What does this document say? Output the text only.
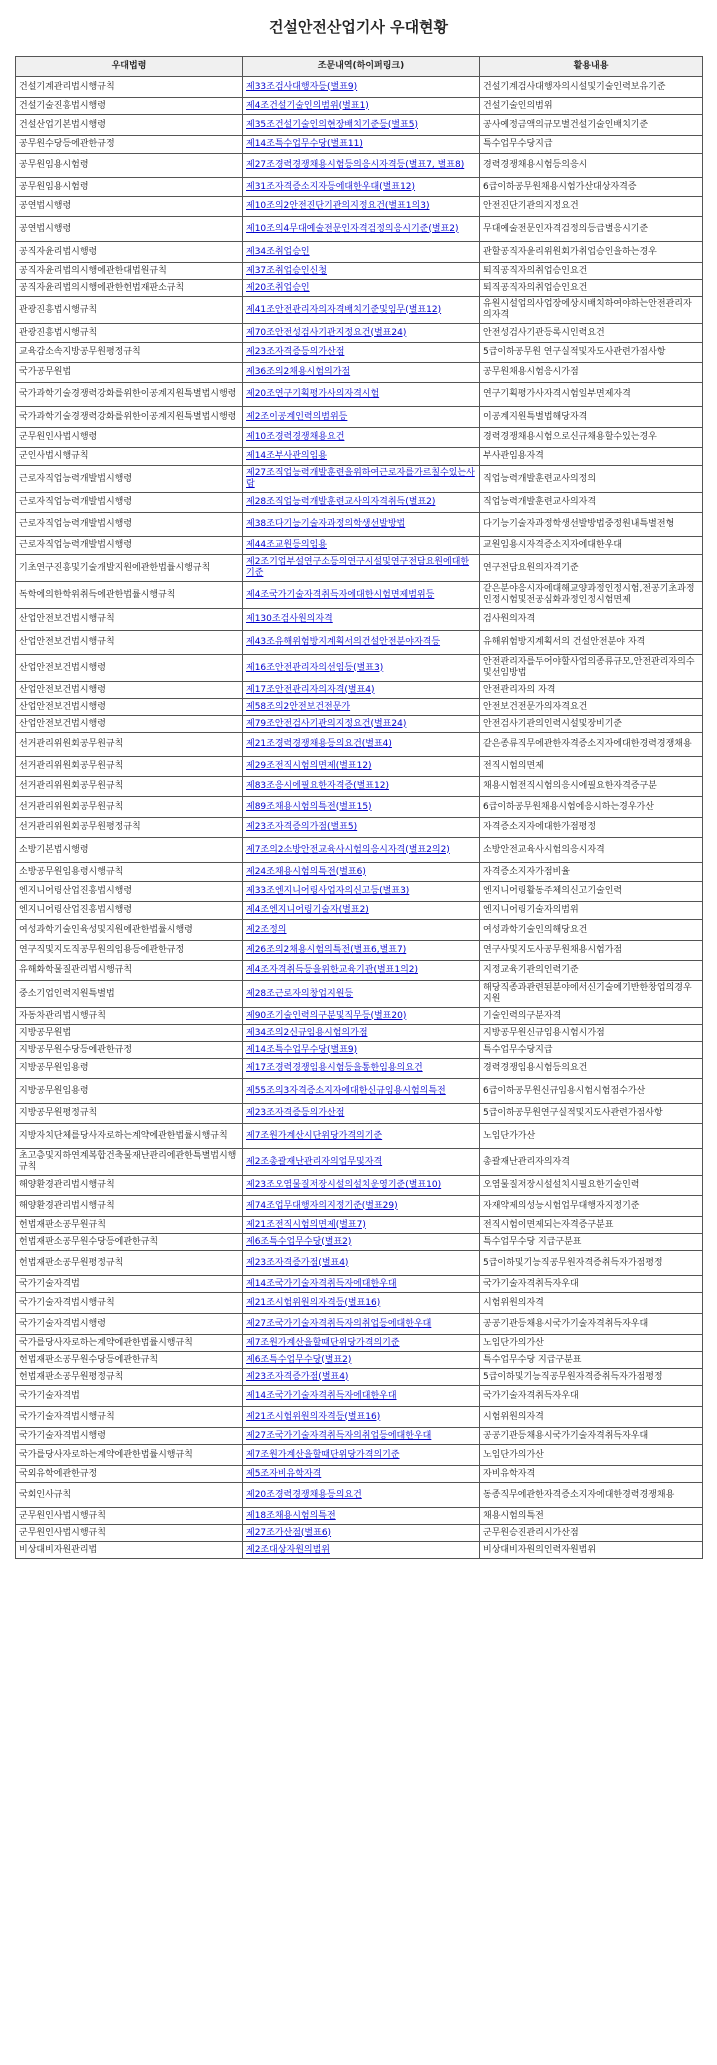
건설안전산업기사 우대현황
우대법령	조문내역(하이퍼링크)	활용내용
건설기계관리법시행규칙	제33조검사대행자등(별표9)	건설기계검사대행자의시설및기술인력보유기준
건설기술진흥법시행령	제4조건설기술인의범위(별표1)	건설기술인의범위
건설산업기본법시행령	제35조건설기술인의현장배치기준등(별표5)	공사예정금액의규모별건설기술인배치기준
공무원수당등에관한규정	제14조특수업무수당(별표11)	특수업무수당지급
공무원임용시험령	제27조경력경쟁채용시험등의응시자격등(별표7, 별표8)	경력경쟁채용시험등의응시
공무원임용시험령	제31조자격증소지자등에대한우대(별표12)	6급이하공무원채용시험가산대상자격증
공연법시행령	제10조의2안전진단기관의지정요건(별표1의3)	안전진단기관의지정요건
공연법시행령	제10조의4무대예술전문인자격검정의응시기준(별표2)	무대예술전문인자격검정의등급별응시기준
공직자윤리법시행령	제34조취업승인	관할공직자윤리위원회가취업승인을하는경우
공직자윤리법의시행에관한대법원규칙	제37조취업승인신청	퇴직공직자의취업승인요건
공직자윤리법의시행에관한헌법재판소규칙	제20조취업승인	퇴직공직자의취업승인요건
관광진흥법시행규칙	제41조안전관리자의자격배치기준및임무(별표12)	유원시설업의사업장에상시배치하여야하는안전관리자의자격
관광진흥법시행규칙	제70조안전성검사기관지정요건(별표24)	안전성검사기관등록시인력요건
교육감소속지방공무원평정규칙	제23조자격증등의가산점	5급이하공무원 연구실적및자도사관련가점사항
국가공무원법	제36조의2채용시험의가점	공무원채용시험응시가점
국가과학기술경쟁력강화를위한이공계지원특별법시행령	제20조연구기획평가사의자격시험	연구기획평가사자격시험일부면제자격
국가과학기술경쟁력강화를위한이공계지원특별법시행령	제2조이공계인력의범위등	이공계지원특별법해당자격
군무원인사법시행령	제10조경력경쟁채용요건	경력경쟁채용시험으로신규채용할수있는경우
군인사법시행규칙	제14조부사관의임용	부사관임용자격
근로자직업능력개발법시행령	제27조직업능력개발훈련을위하여근로자를가르칠수있는사람	직업능력개발훈련교사의정의
근로자직업능력개발법시행령	제28조직업능력개발훈련교사의자격취득(별표2)	직업능력개발훈련교사의자격
근로자직업능력개발법시행령	제38조다기능기술자과정의학생선발방법	다기능기술자과정학생선발방법중정원내특별전형
근로자직업능력개발법시행령	제44조교원등의임용	교원임용시자격증소지자에대한우대
기초연구진흥및기술개발지원에관한법률시행규칙	제2조기업부설연구소등의연구시설및연구전담요원에대한기준	연구전담요원의자격기준
독학에의한학위취득에관한법률시행규칙	제4조국가기술자격취득자에대한시험면제범위등	같은분야응시자에대해교양과정인정시험,전공기초과정인정시험및전공심화과정인정시험면제
산업안전보건법시행규칙	제130조검사원의자격	검사원의자격
산업안전보건법시행규칙	제43조유해위험방지계획서의건설안전분야자격등	유해위험방지계획서의 건설안전분야 자격
산업안전보건법시행령	제16조안전관리자의선임등(별표3)	안전관리자를두어야할사업의종류규모,안전관리자의수및선임방법
산업안전보건법시행령	제17조안전관리자의자격(별표4)	안전관리자의 자격
산업안전보건법시행령	제58조의2안전보건전문가	안전보건전문가의자격요건
산업안전보건법시행령	제79조안전검사기관의지정요건(별표24)	안전검사기관의인력시설및장비기준
선거관리위원회공무원규칙	제21조경력경쟁채용등의요건(별표4)	같은종류직무에관한자격증소지자에대한경력경쟁채용
선거관리위원회공무원규칙	제29조전직시험의면제(별표12)	전직시험의면제
선거관리위원회공무원규칙	제83조응시에필요한자격증(별표12)	채용시험전직시험의응시에필요한자격증구분
선거관리위원회공무원규칙	제89조채용시험의특전(별표15)	6급이하공무원채용시험에응시하는경우가산
선거관리위원회공무원평정규칙	제23조자격증의가점(별표5)	자격증소지자에대한가점평정
소방기본법시행령	제7조의2소방안전교육사시험의응시자격(별표2의2)	소방안전교육사시험의응시자격
소방공무원임용령시행규칙	제24조채용시험의특전(별표6)	자격증소지자가점비율
엔지니어링산업진흥법시행령	제33조엔지니어링사업자의신고등(별표3)	엔지니어링활동주체의신고기술인력
엔지니어링산업진흥법시행령	제4조엔지니어링기술자(별표2)	엔지니어링기술자의범위
여성과학기술인육성및지원에관한법률시행령	제2조정의	여성과학기술인의해당요건
연구직및지도직공무원의임용등에관한규정	제26조의2채용시험의특전(별표6,별표7)	연구사및지도사공무원채용시험가점
유해화학물질관리법시행규칙	제4조자격취득등을위한교육기관(별표1의2)	지정교육기관의인력기준
중소기업인력지원특별법	제28조근로자의창업지원등	해당직종과관련된분야에서신기술에기반한창업의경우지원
자동차관리법시행규칙	제90조기술인력의구분및직무등(별표20)	기술인력의구분자격
지방공무원법	제34조의2신규임용시험의가점	지방공무원신규임용시험시가점
지방공무원수당등에관한규정	제14조특수업무수당(별표9)	특수업무수당지급
지방공무원임용령	제17조경력경쟁임용시험등을통한임용의요건	경력경쟁임용시험등의요건
지방공무원임용령	제55조의3자격증소지자에대한신규임용시험의특전	6급이하공무원신규임용시험시험점수가산
지방공무원평정규칙	제23조자격증등의가산점	5급이하공무원연구실적및지도사관련가점사항
지방자치단체를당사자로하는계약에관한법률시행규칙	제7조원가계산시단위당가격의기준	노임단가가산
초고층및지하연계복합건축물재난관리에관한특별법시행규칙	제2조총괄재난관리자의업무및자격	총괄재난관리자의자격
해양환경관리법시행규칙	제23조오염물질저장시설의설치운영기준(별표10)	오염물질저장시설설치시필요한기술인력
해양환경관리법시행규칙	제74조업무대행자의지정기준(별표29)	자재약제의성능시험업무대행자지정기준
헌법재판소공무원규칙	제21조전직시험의면제(별표7)	전직시험이면제되는자격증구분표
헌법재판소공무원수당등에관한규칙	제6조특수업무수당(별표2)	특수업무수당 지급구분표
헌법재판소공무원평정규칙	제23조자격증가점(별표4)	5급이하및기능직공무원자격증취득자가점평정
국가기술자격법	제14조국가기술자격취득자에대한우대	국가기술자격취득자우대
국가기술자격법시행규칙	제21조시험위원의자격등(별표16)	시험위원의자격
국가기술자격법시행령	제27조국가기술자격취득자의취업등에대한우대	공공기관등채용시국가기술자격취득자우대
국가를당사자로하는계약에관한법률시행규칙	제7조원가계산을할때단위당가격의기준	노임단가의가산
헌법재판소공무원수당등에관한규칙	제6조특수업무수당(별표2)	특수업무수당 지급구분표
헌법재판소공무원평정규칙	제23조자격증가점(별표4)	5급이하및기능직공무원자격증취득자가점평정
국가기술자격법	제14조국가기술자격취득자에대한우대	국가기술자격취득자우대
국가기술자격법시행규칙	제21조시험위원의자격등(별표16)	시험위원의자격
국가기술자격법시행령	제27조국가기술자격취득자의취업등에대한우대	공공기관등채용시국가기술자격취득자우대
국가를당사자로하는계약에관한법률시행규칙	제7조원가계산을할때단위당가격의기준	노임단가의가산
국외유학에관한규정	제5조자비유학자격	자비유학자격
국회인사규칙	제20조경력경쟁채용등의요건	동종직무에관한자격증소지자에대한경력경쟁채용
군무원인사법시행규칙	제18조채용시험의특전	채용시험의특전
군무원인사법시행규칙	제27조가산점(별표6)	군무원승진관리시가산점
비상대비자원관리법	제2조대상자원의범위	비상대비자원의인력자원범위
